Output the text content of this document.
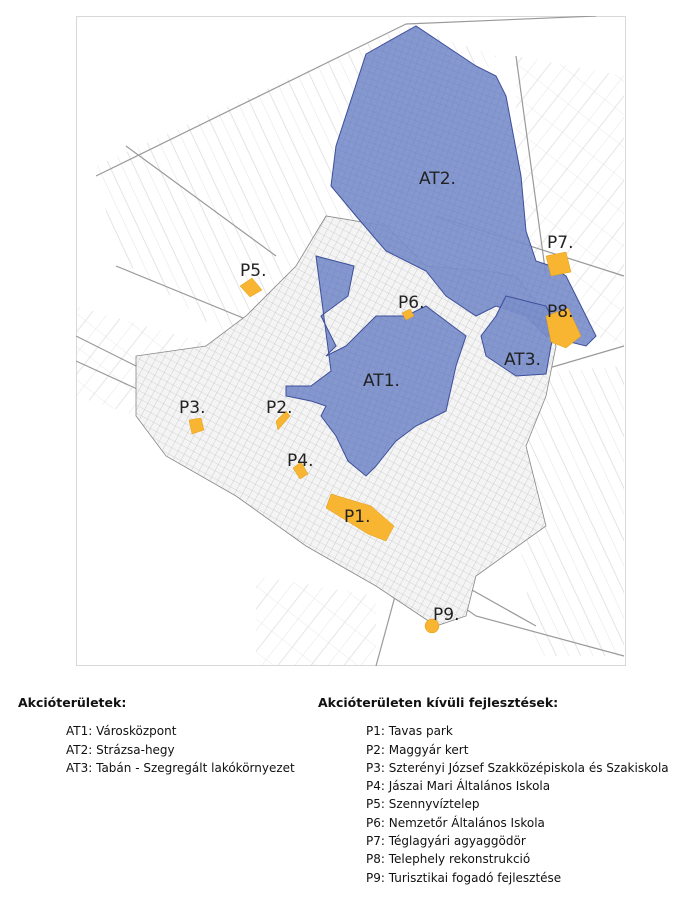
AT1.
AT2.
AT3.
P1.
P2.
P3.
P4.
P5.
P6.
P7.
P8.
P9.
Akcióterületek:
AT1: Városközpont
AT2: Strázsa-hegy
AT3: Tabán - Szegregált lakókörnyezet
Akcióterületen kívüli fejlesztések:
P1: Tavas park
P2: Maggyár kert
P3: Szterényi József Szakközépiskola és Szakiskola
P4: Jászai Mari Általános Iskola
P5: Szennyvíztelep
P6: Nemzetőr Általános Iskola
P7: Téglagyári agyaggödör
P8: Telephely rekonstrukció
P9: Turisztikai fogadó fejlesztése
